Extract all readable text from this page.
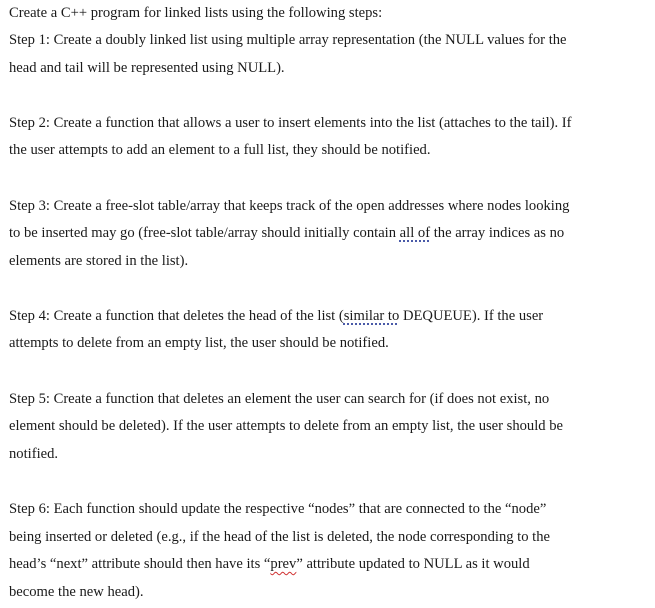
Create a C++ program for linked lists using the following steps:
Step 1: Create a doubly linked list using multiple array representation (the NULL values for the
head and tail will be represented using NULL).
Step 2: Create a function that allows a user to insert elements into the list (attaches to the tail). If
the user attempts to add an element to a full list, they should be notified.
Step 3: Create a free-slot table/array that keeps track of the open addresses where nodes looking
to be inserted may go (free-slot table/array should initially contain all of the array indices as no
elements are stored in the list).
Step 4: Create a function that deletes the head of the list (similar to DEQUEUE). If the user
attempts to delete from an empty list, the user should be notified.
Step 5: Create a function that deletes an element the user can search for (if does not exist, no
element should be deleted). If the user attempts to delete from an empty list, the user should be
notified.
Step 6: Each function should update the respective “nodes” that are connected to the “node”
being inserted or deleted (e.g., if the head of the list is deleted, the node corresponding to the
head’s “next” attribute should then have its “prev” attribute updated to NULL as it would
become the new head).
